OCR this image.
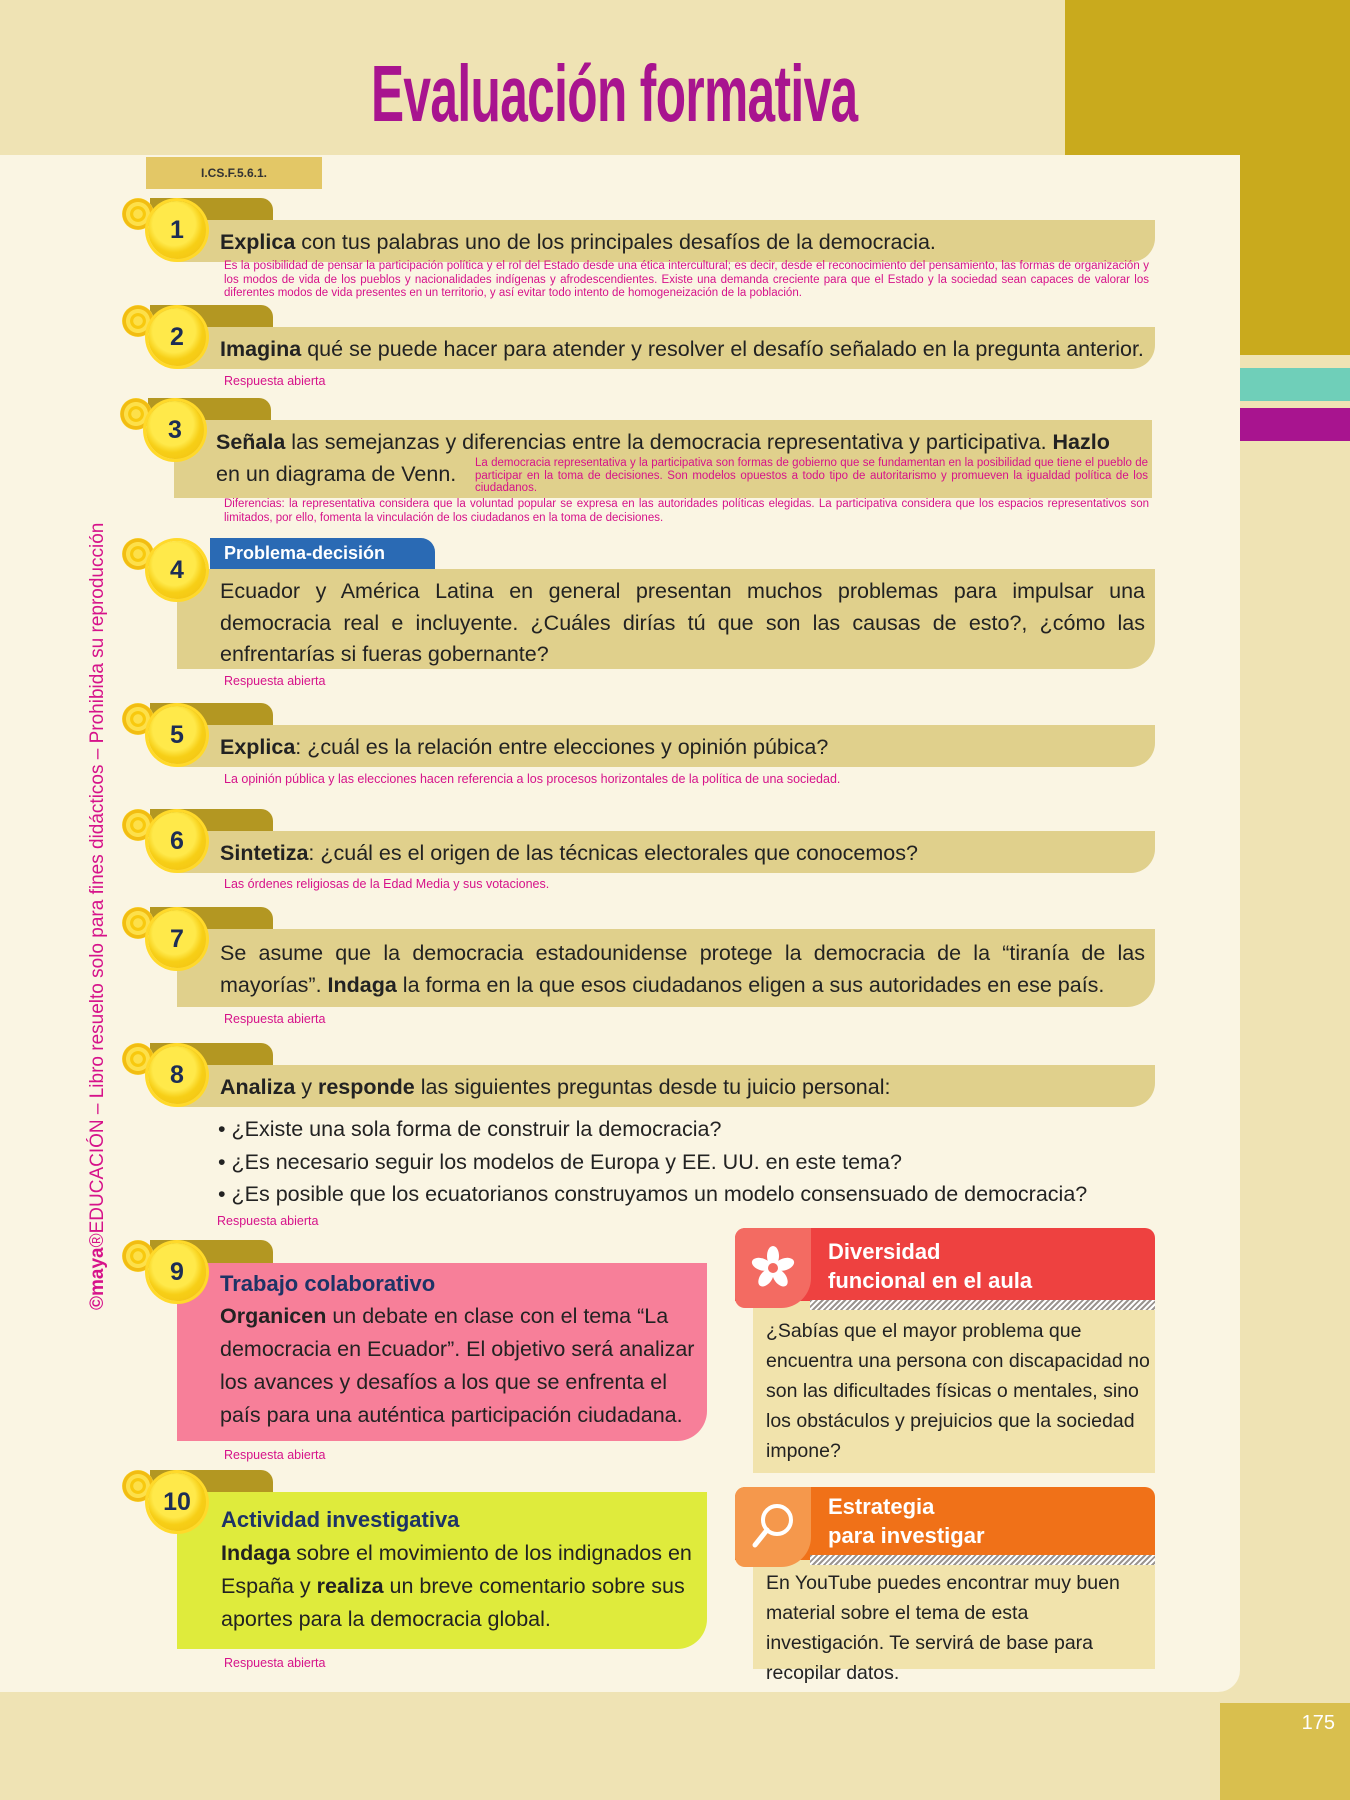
175
Evaluación formativa
I.CS.F.5.6.1.
©maya®EDUCACIÓN – Libro resuelto solo para fines didácticos – Prohibida su reproducción
1	Explica con tus palabras uno de los principales desafíos de la democracia.
Es la posibilidad de pensar la participación política y el rol del Estado desde una ética intercultural; es decir, desde el reconocimiento del pensamiento, las formas de organización y los modos de vida de los pueblos y nacionalidades indígenas y afrodescendientes. Existe una demanda creciente para que el Estado y la sociedad sean capaces de valorar los diferentes modos de vida presentes en un territorio, y así evitar todo intento de homogeneización de la población.
2	Imagina qué se puede hacer para atender y resolver el desafío señalado en la pregunta anterior.
Respuesta abierta
3	Señala las semejanzas y diferencias entre la democracia representativa y participativa. Hazlo
en un diagrama de Venn. La democracia representativa y la participativa son formas de gobierno que se fundamentan en la posibilidad que tiene el pueblo de participar en la toma de decisiones. Son modelos opuestos a todo tipo de autoritarismo y promueven la igualdad política de los ciudadanos.
Diferencias: la representativa considera que la voluntad popular se expresa en las autoridades políticas elegidas. La participativa considera que los espacios representativos son limitados, por ello, fomenta la vinculación de los ciudadanos en la toma de decisiones.
Problema-decisión
4
Ecuador y América Latina en general presentan muchos problemas para impulsar una democracia real e incluyente. ¿Cuáles dirías tú que son las causas de esto?, ¿cómo las enfrentarías si fueras gobernante?
Respuesta abierta
5	Explica: ¿cuál es la relación entre elecciones y opinión púbica?
La opinión pública y las elecciones hacen referencia a los procesos horizontales de la política de una sociedad.
6	Sintetiza: ¿cuál es el origen de las técnicas electorales que conocemos?
Las órdenes religiosas de la Edad Media y sus votaciones.
7	Se asume que la democracia estadounidense protege la democracia de la “tiranía de las mayorías”. Indaga la forma en la que esos ciudadanos eligen a sus autoridades en ese país.
Respuesta abierta
8	Analiza y responde las siguientes preguntas desde tu juicio personal:
• ¿Existe una sola forma de construir la democracia?
• ¿Es necesario seguir los modelos de Europa y EE. UU. en este tema?
• ¿Es posible que los ecuatorianos construyamos un modelo consensuado de democracia?
Respuesta abierta
9	Trabajo colaborativo
Organicen un debate en clase con el tema “La democracia en Ecuador”. El objetivo será analizar los avances y desafíos a los que se enfrenta el país para una auténtica participación ciudadana.
Respuesta abierta
10
Actividad investigativa
Indaga sobre el movimiento de los indignados en España y realiza un breve comentario sobre sus aportes para la democracia global.
Respuesta abierta
Diversidad
funcional en el aula
¿Sabías que el mayor problema que encuentra una persona con discapacidad no son las dificultades físicas o mentales, sino los obstáculos y prejuicios que la sociedad impone?
Estrategia
para investigar
En YouTube puedes encontrar muy buen material sobre el tema de esta investigación. Te servirá de base para recopilar datos.
